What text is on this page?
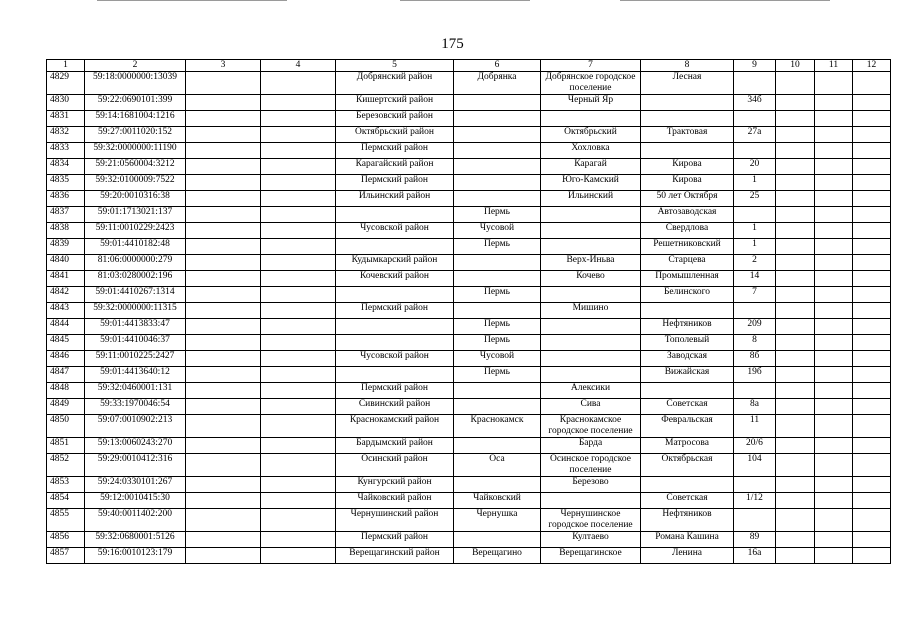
175
1	2	3	4	5	6	7	8	9	10	11	12
4829	59:18:0000000:13039			Добрянский район	Добрянка	Добрянское городское поселение	Лесная				
4830	59:22:0690101:399			Кишертский район		Черный Яр		34б			
4831	59:14:1681004:1216			Березовский район							
4832	59:27:0011020:152			Октябрьский район		Октябрьский	Трактовая	27а			
4833	59:32:0000000:11190			Пермский район		Хохловка					
4834	59:21:0560004:3212			Карагайский район		Карагай	Кирова	20			
4835	59:32:0100009:7522			Пермский район		Юго-Камский	Кирова	1			
4836	59:20:0010316:38			Ильинский район		Ильинский	50 лет Октября	25			
4837	59:01:1713021:137				Пермь		Автозаводская				
4838	59:11:0010229:2423			Чусовской район	Чусовой		Свердлова	1			
4839	59:01:4410182:48				Пермь		Решетниковский	1			
4840	81:06:0000000:279			Кудымкарский район		Верх-Иньва	Старцева	2			
4841	81:03:0280002:196			Кочевский район		Кочево	Промышленная	14			
4842	59:01:4410267:1314				Пермь		Белинского	7			
4843	59:32:0000000:11315			Пермский район		Мишино					
4844	59:01:4413833:47				Пермь		Нефтяников	209			
4845	59:01:4410046:37				Пермь		Тополевый	8			
4846	59:11:0010225:2427			Чусовской район	Чусовой		Заводская	8б			
4847	59:01:4413640:12				Пермь		Вижайская	19б			
4848	59:32:0460001:131			Пермский район		Алексики					
4849	59:33:1970046:54			Сивинский район		Сива	Советская	8а			
4850	59:07:0010902:213			Краснокамский район	Краснокамск	Краснокамское городское поселение	Февральская	11			
4851	59:13:0060243:270			Бардымский район		Барда	Матросова	20/6			
4852	59:29:0010412:316			Осинский район	Оса	Осинское городское поселение	Октябрьская	104			
4853	59:24:0330101:267			Кунгурский район		Березово					
4854	59:12:0010415:30			Чайковский район	Чайковский		Советская	1/12			
4855	59:40:0011402:200			Чернушинский район	Чернушка	Чернушинское городское поселение	Нефтяников				
4856	59:32:0680001:5126			Пермский район		Култаево	Романа Кашина	89			
4857	59:16:0010123:179			Верещагинский район	Верещагино	Верещагинское	Ленина	16а			
